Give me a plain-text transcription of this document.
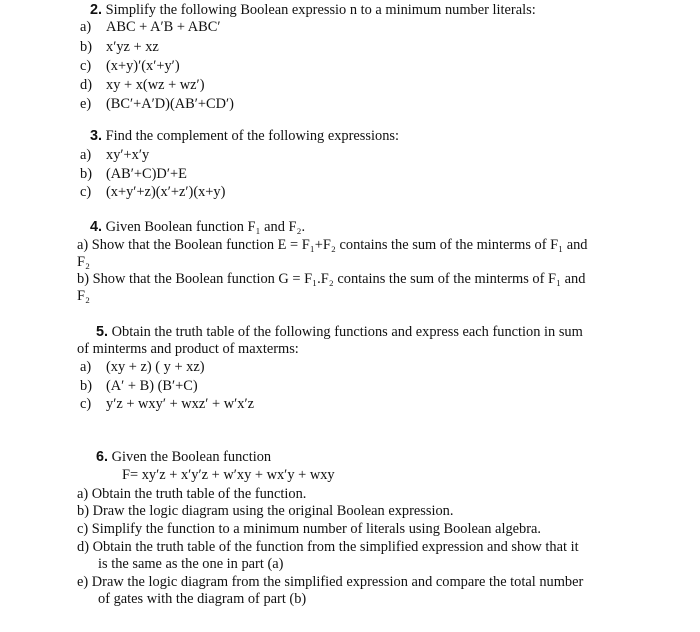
2. Simplify the following Boolean expressio n to a minimum number literals:
a) ABC + A′B + ABC′
b) x′yz + xz
c) (x+y)′(x′+y′)
d) xy + x(wz + wz′)
e) (BC′+A′D)(AB′+CD′)
3. Find the complement of the following expressions:
a) xy′+x′y
b) (AB′+C)D′+E
c) (x+y′+z)(x′+z′)(x+y)
4. Given Boolean function F₁ and F₂.
a) Show that the Boolean function E = F₁+F₂ contains the sum of the minterms of F₁ and
F₂
b) Show that the Boolean function G = F₁.F₂ contains the sum of the minterms of F₁ and
F₂
5. Obtain the truth table of the following functions and express each function in sum
of minterms and product of maxterms:
a) (xy + z) ( y + xz)
b) (A′ + B) (B′+C)
c) y′z + wxy′ + wxz′ + w′x′z
6. Given the Boolean function
F= xy′z + x′y′z + w′xy + wx′y + wxy
a) Obtain the truth table of the function.
b) Draw the logic diagram using the original Boolean expression.
c) Simplify the function to a minimum number of literals using Boolean algebra.
d) Obtain the truth table of the function from the simplified expression and show that it
is the same as the one in part (a)
e) Draw the logic diagram from the simplified expression and compare the total number
of gates with the diagram of part (b)
